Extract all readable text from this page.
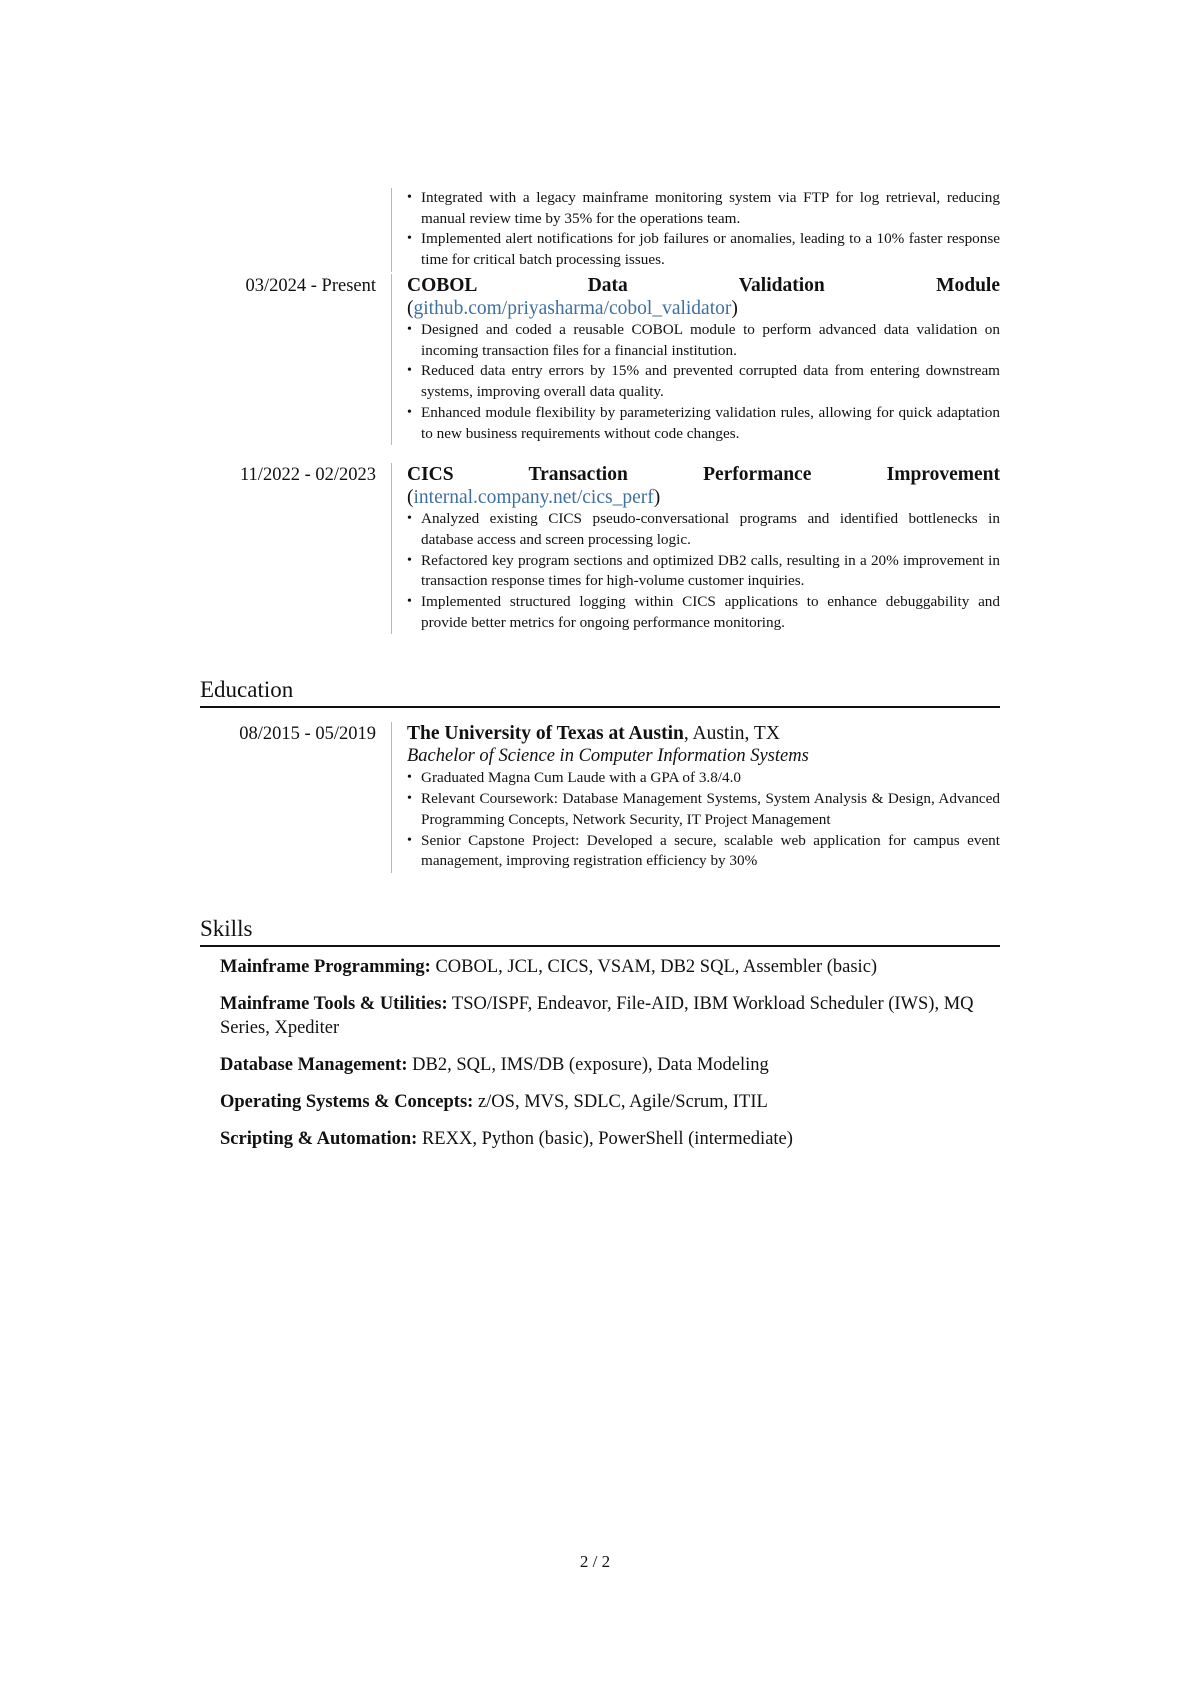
• Integrated with a legacy mainframe monitoring system via FTP for log retrieval, reducing manual review time by 35% for the operations team.
• Implemented alert notifications for job failures or anomalies, leading to a 10% faster response time for critical batch processing issues.
03/2024 - Present COBOL Data Validation Module (github.com/priyasharma/cobol_validator)
• Designed and coded a reusable COBOL module to perform advanced data validation on incoming transaction files for a financial institution.
• Reduced data entry errors by 15% and prevented corrupted data from entering downstream systems, improving overall data quality.
• Enhanced module flexibility by parameterizing validation rules, allowing for quick adaptation to new business requirements without code changes.
11/2022 - 02/2023 CICS Transaction Performance Improvement (internal.company.net/cics_perf)
• Analyzed existing CICS pseudo-conversational programs and identified bottlenecks in database access and screen processing logic.
• Refactored key program sections and optimized DB2 calls, resulting in a 20% improvement in transaction response times for high-volume customer inquiries.
• Implemented structured logging within CICS applications to enhance debuggability and provide better metrics for ongoing performance monitoring.
Education
08/2015 - 05/2019 The University of Texas at Austin, Austin, TX
Bachelor of Science in Computer Information Systems
• Graduated Magna Cum Laude with a GPA of 3.8/4.0
• Relevant Coursework: Database Management Systems, System Analysis & Design, Advanced Programming Concepts, Network Security, IT Project Management
• Senior Capstone Project: Developed a secure, scalable web application for campus event management, improving registration efficiency by 30%
Skills
Mainframe Programming: COBOL, JCL, CICS, VSAM, DB2 SQL, Assembler (basic)
Mainframe Tools & Utilities: TSO/ISPF, Endeavor, File-AID, IBM Workload Scheduler (IWS), MQ Series, Xpediter
Database Management: DB2, SQL, IMS/DB (exposure), Data Modeling
Operating Systems & Concepts: z/OS, MVS, SDLC, Agile/Scrum, ITIL
Scripting & Automation: REXX, Python (basic), PowerShell (intermediate)
2 / 2
